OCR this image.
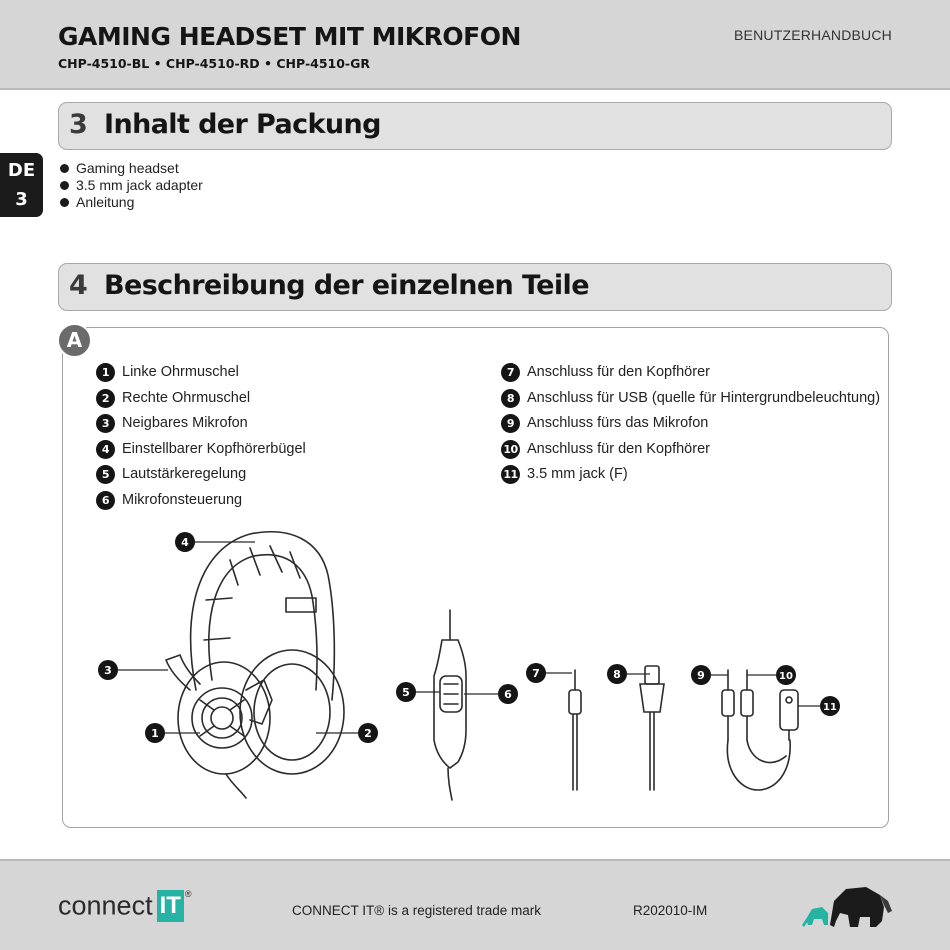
GAMING HEADSET MIT MIKROFON
CHP-4510-BL • CHP-4510-RD • CHP-4510-GR
BENUTZERHANDBUCH
DE
3
3 Inhalt der Packung
Gaming headset
3.5 mm jack adapter
Anleitung
4 Beschreibung der einzelnen Teile
A
1 Linke Ohrmuschel
2 Rechte Ohrmuschel
3 Neigbares Mikrofon
4 Einstellbarer Kopfhörerbügel
5 Lautstärkeregelung
6 Mikrofonsteuerung
7 Anschluss für den Kopfhörer
8 Anschluss für USB (quelle für Hintergrundbeleuchtung)
9 Anschluss fürs das Mikrofon
10 Anschluss für den Kopfhörer
11 3.5 mm jack (F)
4
3
1	2
5	6
7	8	9	10
11
connect IT ®
CONNECT IT® is a registered trade mark	R202010-IM
